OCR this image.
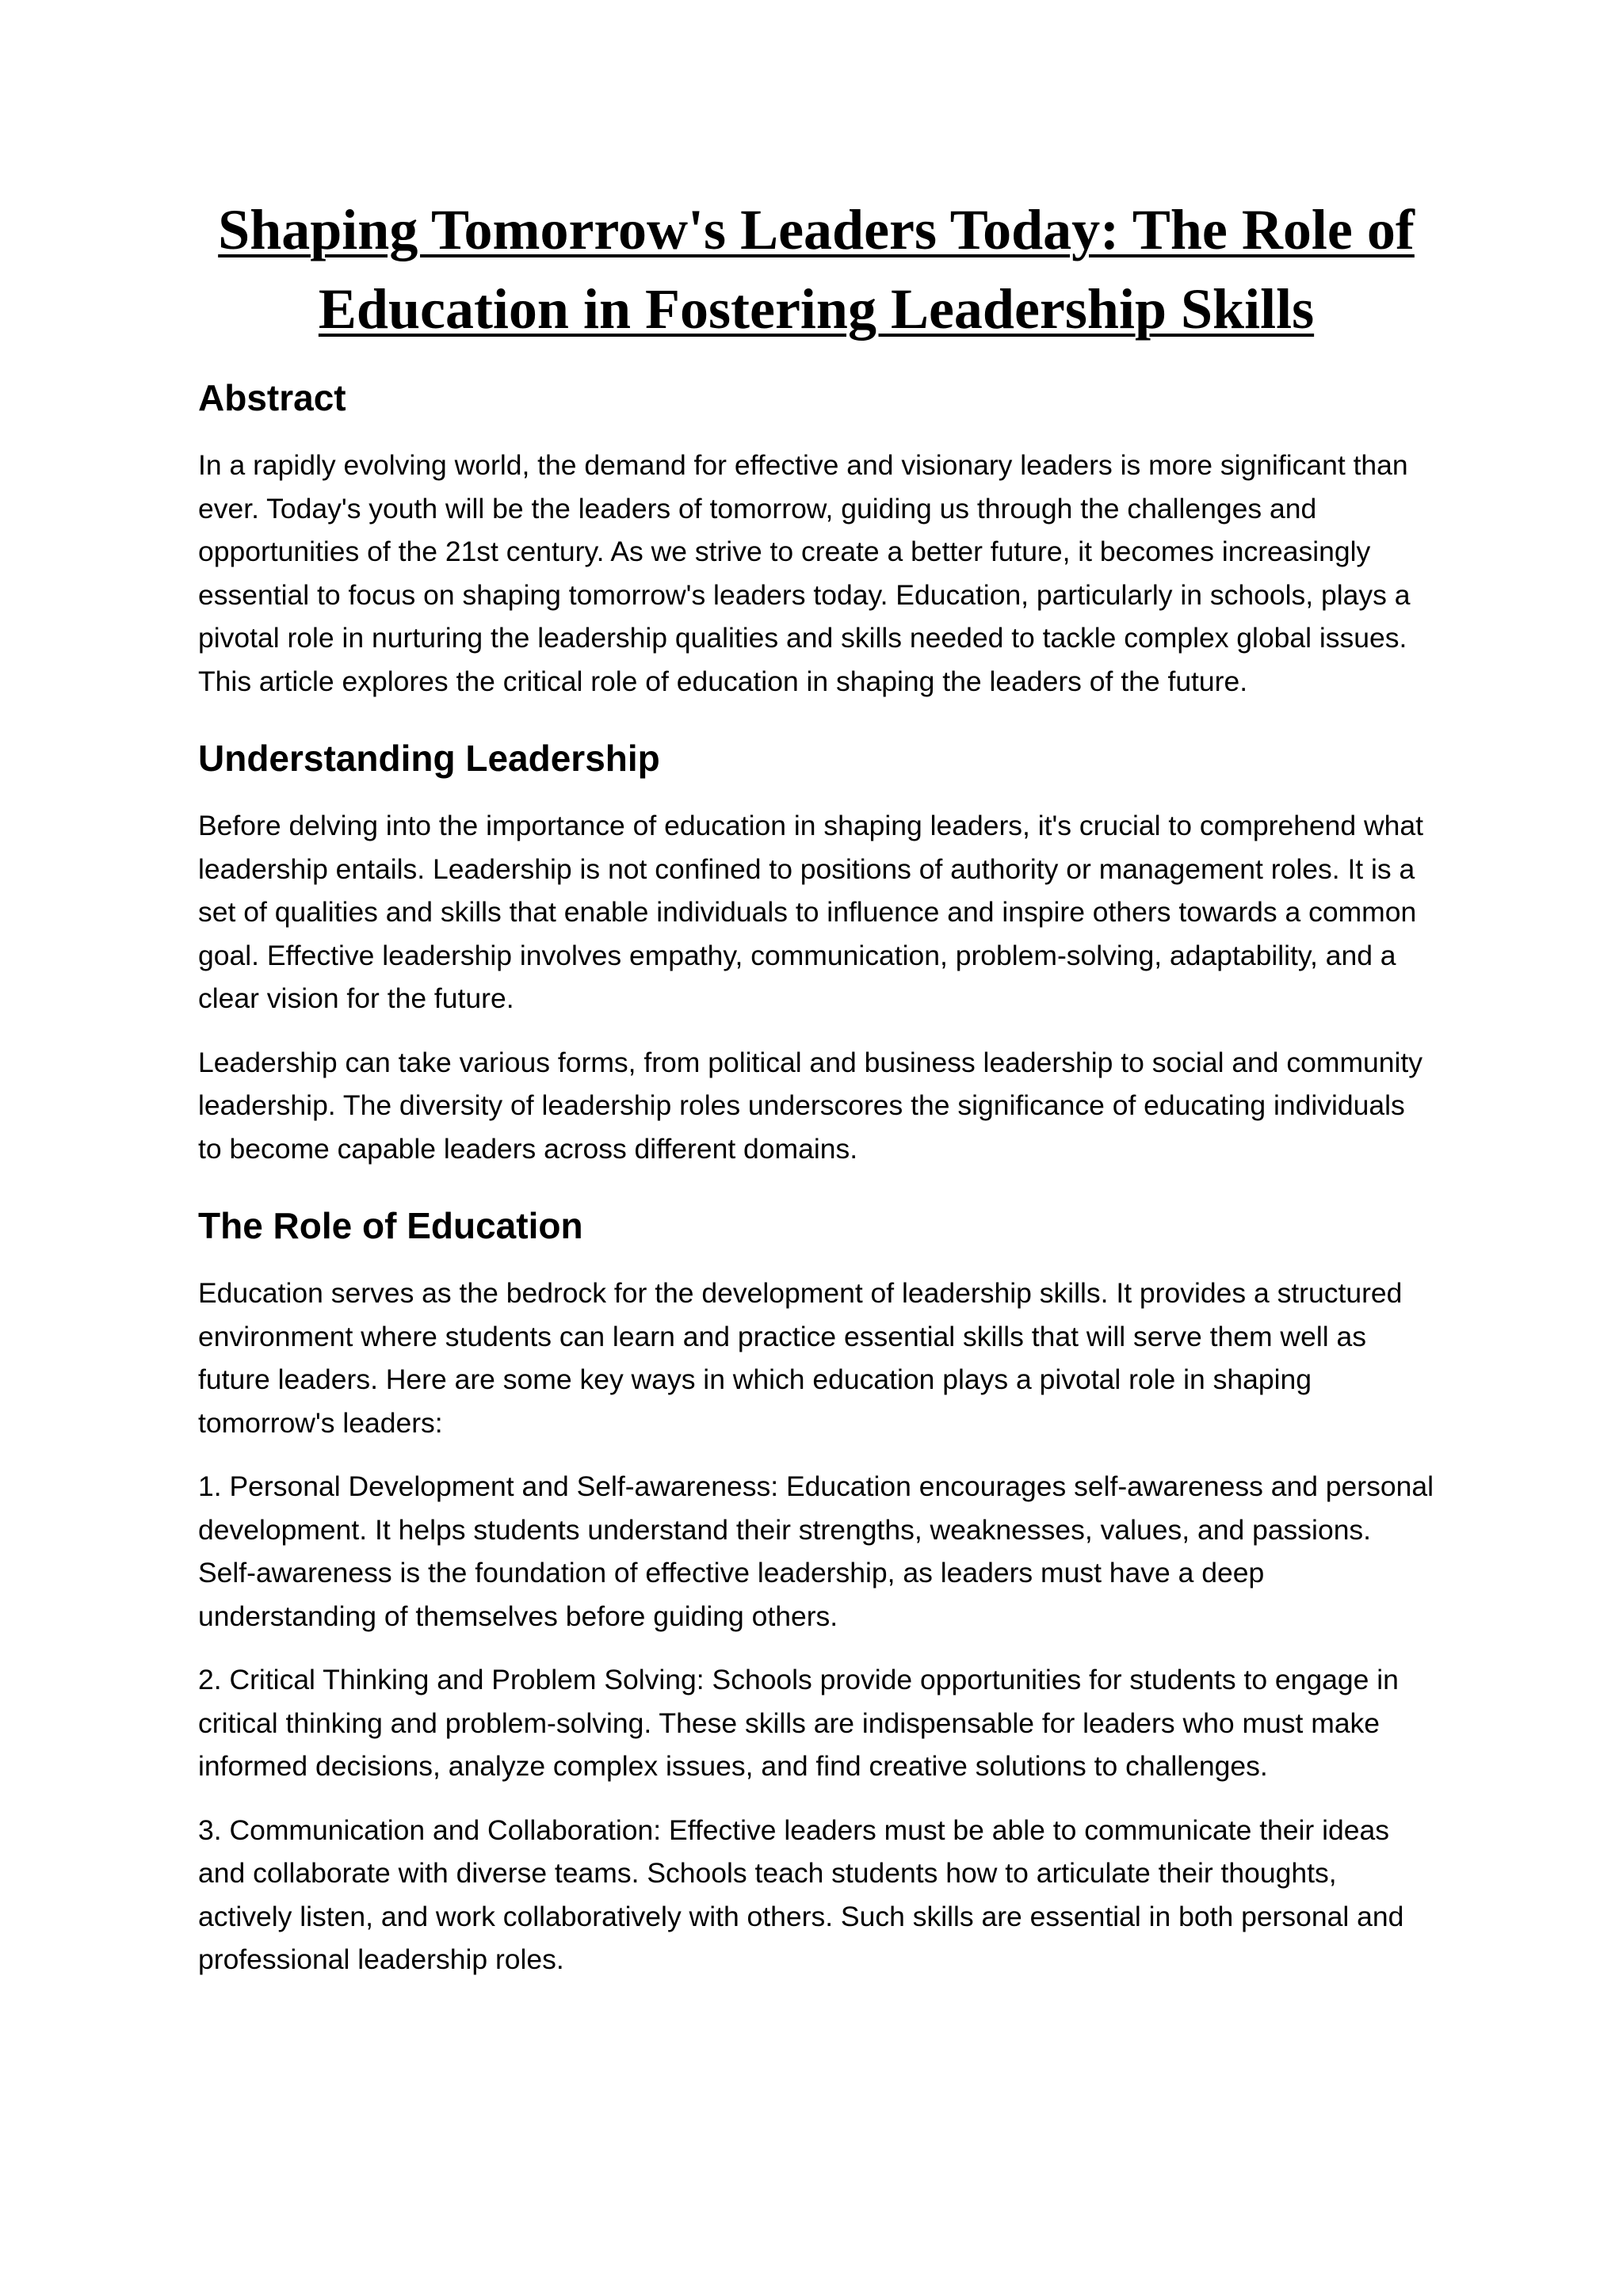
Shaping Tomorrow's Leaders Today: The Role of Education in Fostering Leadership Skills
Abstract

In a rapidly evolving world, the demand for effective and visionary leaders is more significant than ever. Today's youth will be the leaders of tomorrow, guiding us through the challenges and opportunities of the 21st century. As we strive to create a better future, it becomes increasingly essential to focus on shaping tomorrow's leaders today. Education, particularly in schools, plays a pivotal role in nurturing the leadership qualities and skills needed to tackle complex global issues. This article explores the critical role of education in shaping the leaders of the future.

Understanding Leadership

Before delving into the importance of education in shaping leaders, it's crucial to comprehend what leadership entails. Leadership is not confined to positions of authority or management roles. It is a set of qualities and skills that enable individuals to influence and inspire others towards a common goal. Effective leadership involves empathy, communication, problem-solving, adaptability, and a clear vision for the future.

Leadership can take various forms, from political and business leadership to social and community leadership. The diversity of leadership roles underscores the significance of educating individuals to become capable leaders across different domains.

The Role of Education

Education serves as the bedrock for the development of leadership skills. It provides a structured environment where students can learn and practice essential skills that will serve them well as future leaders. Here are some key ways in which education plays a pivotal role in shaping tomorrow's leaders:

1. Personal Development and Self-awareness: Education encourages self-awareness and personal development. It helps students understand their strengths, weaknesses, values, and passions. Self-awareness is the foundation of effective leadership, as leaders must have a deep understanding of themselves before guiding others.

2. Critical Thinking and Problem Solving: Schools provide opportunities for students to engage in critical thinking and problem-solving. These skills are indispensable for leaders who must make informed decisions, analyze complex issues, and find creative solutions to challenges.

3. Communication and Collaboration: Effective leaders must be able to communicate their ideas and collaborate with diverse teams. Schools teach students how to articulate their thoughts, actively listen, and work collaboratively with others. Such skills are essential in both personal and professional leadership roles.
